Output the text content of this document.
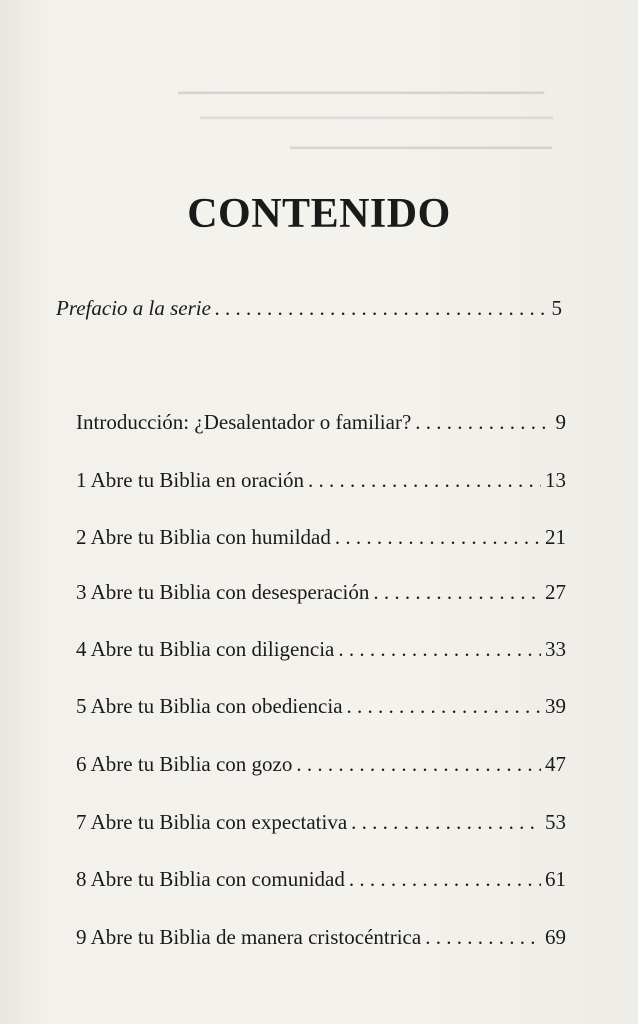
▁▁▁▁▁▁▁▁▁▁▁▁▁▁▁▁▁▁▁▁▁▁▁▁▁▁▁▁
▁▁▁▁▁▁▁▁▁▁▁▁▁▁▁▁▁▁▁▁▁▁▁▁▁▁▁
▁▁▁▁▁▁▁▁▁▁▁▁▁▁▁▁▁▁▁▁
CONTENIDO
Prefacio a la serie . . .	5
Introducción: ¿Desalentador o familiar? . . .	9
1 Abre tu Biblia en oración . . .	13
2 Abre tu Biblia con humildad . . .	21
3 Abre tu Biblia con desesperación . . .	27
4 Abre tu Biblia con diligencia . . .	33
5 Abre tu Biblia con obediencia . . .	39
6 Abre tu Biblia con gozo . . .	47
7 Abre tu Biblia con expectativa . . .	53
8 Abre tu Biblia con comunidad . . .	61
9 Abre tu Biblia de manera cristocéntrica . . .	69
